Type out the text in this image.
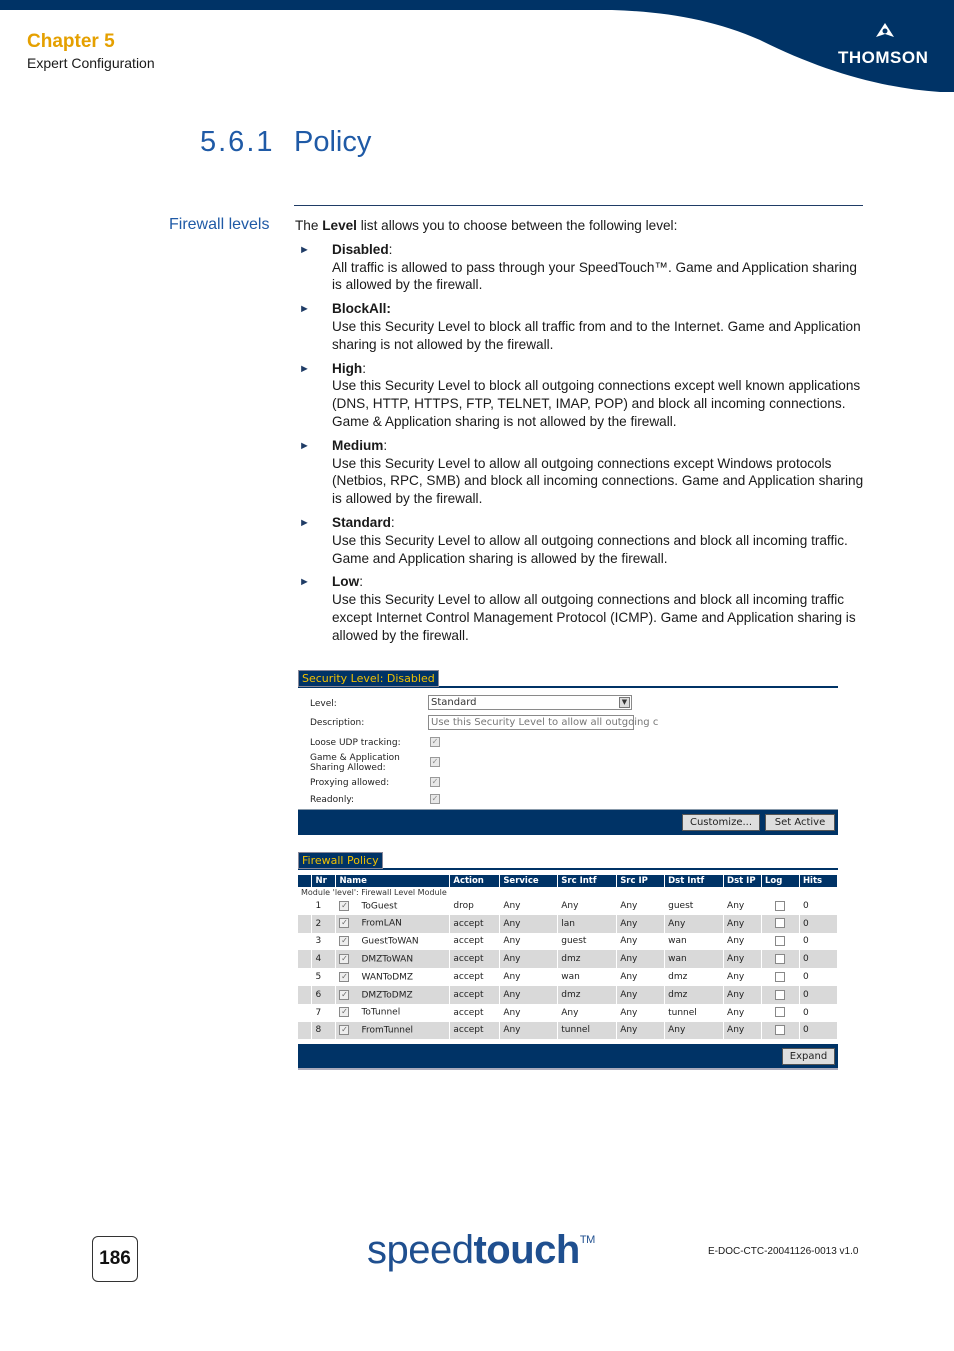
THOMSON
Chapter 5
Expert Configuration
5.6.1 Policy
Firewall levels The Level list allows you to choose between the following level:

► Disabled:
All traffic is allowed to pass through your SpeedTouch™. Game and Application sharing is allowed by the firewall.
► BlockAll:
Use this Security Level to block all traffic from and to the Internet. Game and Application sharing is not allowed by the firewall.
► High:
Use this Security Level to block all outgoing connections except well known applications (DNS, HTTP, HTTPS, FTP, TELNET, IMAP, POP) and block all incoming connections. Game & Application sharing is not allowed by the firewall.
► Medium:
Use this Security Level to allow all outgoing connections except Windows protocols (Netbios, RPC, SMB) and block all incoming connections. Game and Application sharing is allowed by the firewall.
► Standard:
Use this Security Level to allow all outgoing connections and block all incoming traffic. Game and Application sharing is allowed by the firewall.
► Low:
Use this Security Level to allow all outgoing connections and block all incoming traffic except Internet Control Management Protocol (ICMP). Game and Application sharing is allowed by the firewall.
Security Level: Disabled
Level:	Standard	▼
Description:	Use this Security Level to allow all outgoing c
Loose UDP tracking:	✓
Game & Application
Sharing Allowed:
✓
Proxying allowed:	✓
Readonly:	✓
Customize...	Set Active
Firewall Policy
	Nr	Name	Action	Service	Src Intf	Src IP	Dst Intf	Dst IP	Log	Hits
Module 'level': Firewall Level Module										
	1	✓ ToGuest	drop	Any	Any	Any	guest	Any		0
	2	✓ FromLAN	accept	Any	lan	Any	Any	Any		0
	3	✓ GuestToWAN	accept	Any	guest	Any	wan	Any		0
	4	✓ DMZToWAN	accept	Any	dmz	Any	wan	Any		0
	5	✓ WANToDMZ	accept	Any	wan	Any	dmz	Any		0
	6	✓ DMZToDMZ	accept	Any	dmz	Any	dmz	Any		0
	7	✓ ToTunnel	accept	Any	Any	Any	tunnel	Any		0
	8	✓ FromTunnel	accept	Any	tunnel	Any	Any	Any		0
Expand
186	speedtouch™
E-DOC-CTC-20041126-0013 v1.0
